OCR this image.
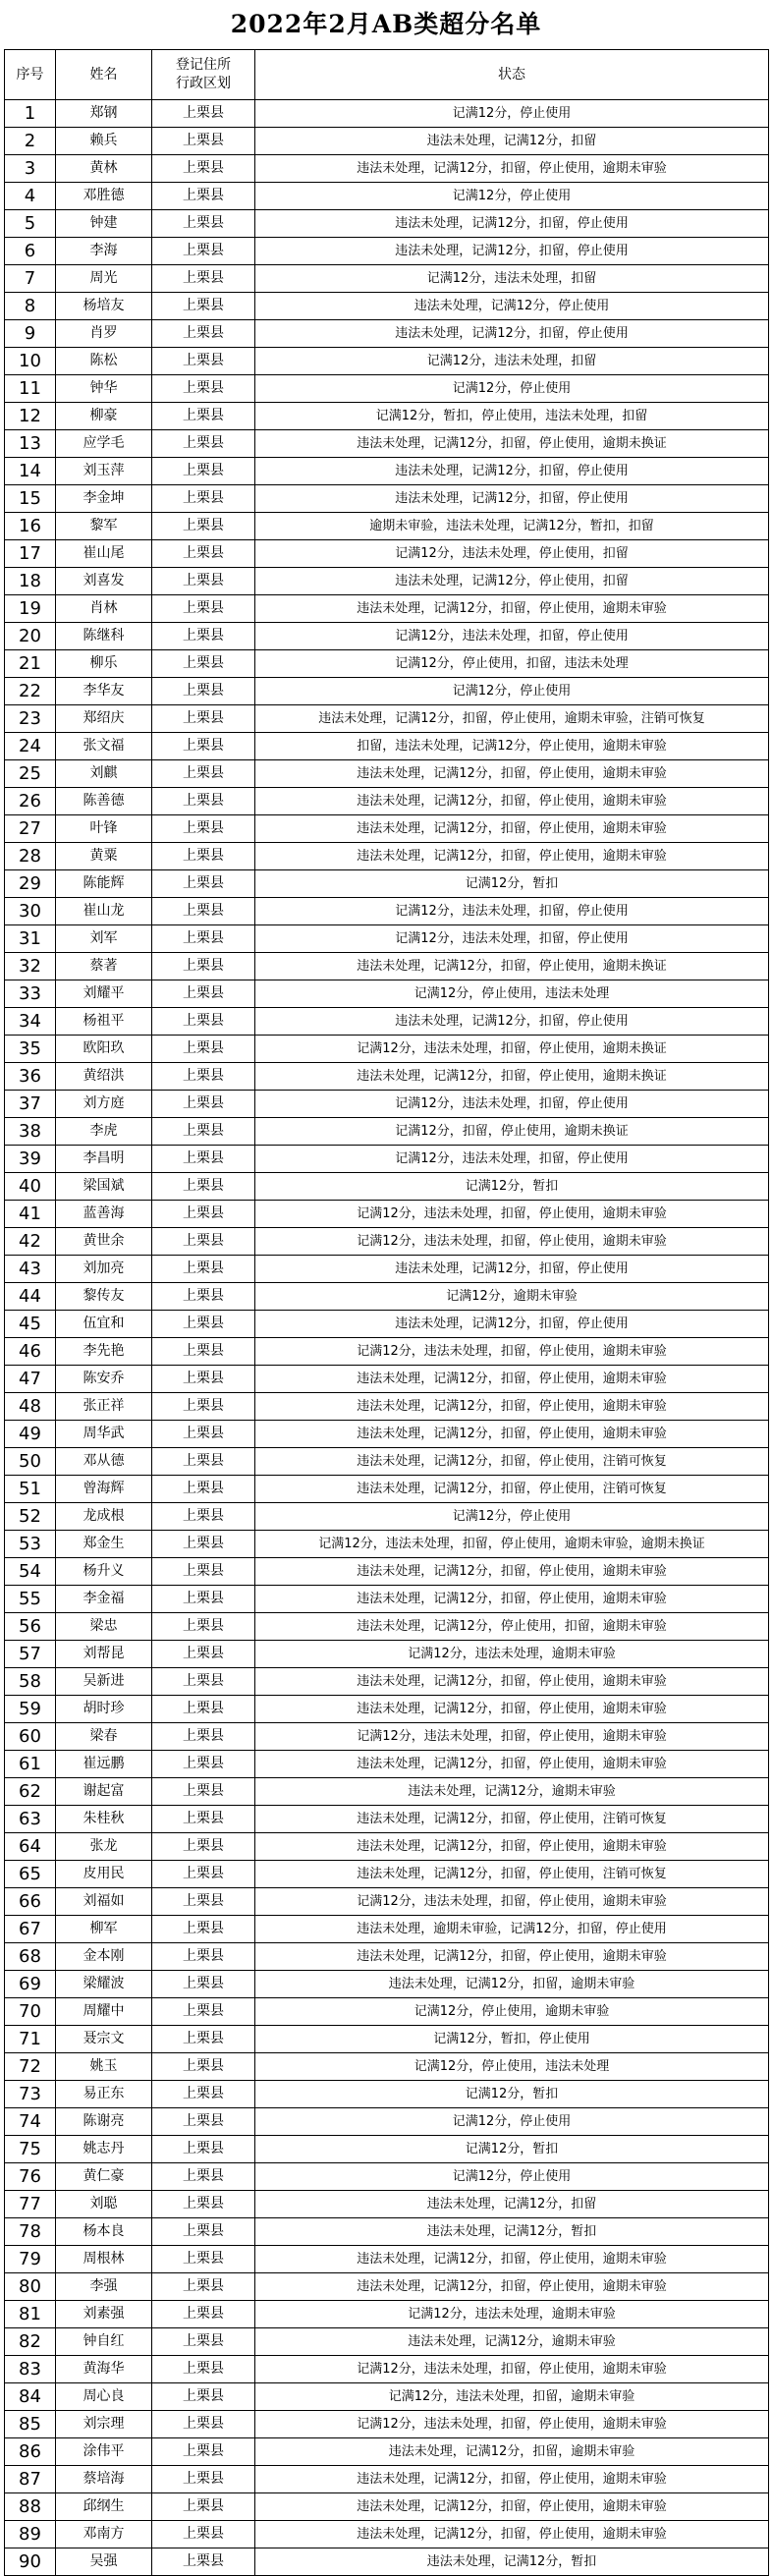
2022年2月AB类超分名单
序号	姓名	登记住所行政区划	状态
1	郑钢	上栗县	记满12分，停止使用
2	赖兵	上栗县	违法未处理，记满12分，扣留
3	黄林	上栗县	违法未处理，记满12分，扣留，停止使用，逾期未审验
4	邓胜德	上栗县	记满12分，停止使用
5	钟建	上栗县	违法未处理，记满12分，扣留，停止使用
6	李海	上栗县	违法未处理，记满12分，扣留，停止使用
7	周光	上栗县	记满12分，违法未处理，扣留
8	杨培友	上栗县	违法未处理，记满12分，停止使用
9	肖罗	上栗县	违法未处理，记满12分，扣留，停止使用
10	陈松	上栗县	记满12分，违法未处理，扣留
11	钟华	上栗县	记满12分，停止使用
12	柳豪	上栗县	记满12分，暂扣，停止使用，违法未处理，扣留
13	应学毛	上栗县	违法未处理，记满12分，扣留，停止使用，逾期未换证
14	刘玉萍	上栗县	违法未处理，记满12分，扣留，停止使用
15	李金坤	上栗县	违法未处理，记满12分，扣留，停止使用
16	黎军	上栗县	逾期未审验，违法未处理，记满12分，暂扣，扣留
17	崔山尾	上栗县	记满12分，违法未处理，停止使用，扣留
18	刘喜发	上栗县	违法未处理，记满12分，停止使用，扣留
19	肖林	上栗县	违法未处理，记满12分，扣留，停止使用，逾期未审验
20	陈继科	上栗县	记满12分，违法未处理，扣留，停止使用
21	柳乐	上栗县	记满12分，停止使用，扣留，违法未处理
22	李华友	上栗县	记满12分，停止使用
23	郑绍庆	上栗县	违法未处理，记满12分，扣留，停止使用，逾期未审验，注销可恢复
24	张文福	上栗县	扣留，违法未处理，记满12分，停止使用，逾期未审验
25	刘麒	上栗县	违法未处理，记满12分，扣留，停止使用，逾期未审验
26	陈善德	上栗县	违法未处理，记满12分，扣留，停止使用，逾期未审验
27	叶锋	上栗县	违法未处理，记满12分，扣留，停止使用，逾期未审验
28	黄粟	上栗县	违法未处理，记满12分，扣留，停止使用，逾期未审验
29	陈能辉	上栗县	记满12分，暂扣
30	崔山龙	上栗县	记满12分，违法未处理，扣留，停止使用
31	刘军	上栗县	记满12分，违法未处理，扣留，停止使用
32	蔡著	上栗县	违法未处理，记满12分，扣留，停止使用，逾期未换证
33	刘耀平	上栗县	记满12分，停止使用，违法未处理
34	杨祖平	上栗县	违法未处理，记满12分，扣留，停止使用
35	欧阳玖	上栗县	记满12分，违法未处理，扣留，停止使用，逾期未换证
36	黄绍洪	上栗县	违法未处理，记满12分，扣留，停止使用，逾期未换证
37	刘方庭	上栗县	记满12分，违法未处理，扣留，停止使用
38	李虎	上栗县	记满12分，扣留，停止使用，逾期未换证
39	李昌明	上栗县	记满12分，违法未处理，扣留，停止使用
40	梁国斌	上栗县	记满12分，暂扣
41	蓝善海	上栗县	记满12分，违法未处理，扣留，停止使用，逾期未审验
42	黄世余	上栗县	记满12分，违法未处理，扣留，停止使用，逾期未审验
43	刘加亮	上栗县	违法未处理，记满12分，扣留，停止使用
44	黎传友	上栗县	记满12分，逾期未审验
45	伍宜和	上栗县	违法未处理，记满12分，扣留，停止使用
46	李先艳	上栗县	记满12分，违法未处理，扣留，停止使用，逾期未审验
47	陈安乔	上栗县	违法未处理，记满12分，扣留，停止使用，逾期未审验
48	张正祥	上栗县	违法未处理，记满12分，扣留，停止使用，逾期未审验
49	周华武	上栗县	违法未处理，记满12分，扣留，停止使用，逾期未审验
50	邓从德	上栗县	违法未处理，记满12分，扣留，停止使用，注销可恢复
51	曾海辉	上栗县	违法未处理，记满12分，扣留，停止使用，注销可恢复
52	龙成根	上栗县	记满12分，停止使用
53	郑金生	上栗县	记满12分，违法未处理，扣留，停止使用，逾期未审验，逾期未换证
54	杨升义	上栗县	违法未处理，记满12分，扣留，停止使用，逾期未审验
55	李金福	上栗县	违法未处理，记满12分，扣留，停止使用，逾期未审验
56	梁忠	上栗县	违法未处理，记满12分，停止使用，扣留，逾期未审验
57	刘帮昆	上栗县	记满12分，违法未处理，逾期未审验
58	吴新进	上栗县	违法未处理，记满12分，扣留，停止使用，逾期未审验
59	胡时珍	上栗县	违法未处理，记满12分，扣留，停止使用，逾期未审验
60	梁春	上栗县	记满12分，违法未处理，扣留，停止使用，逾期未审验
61	崔远鹏	上栗县	违法未处理，记满12分，扣留，停止使用，逾期未审验
62	谢起富	上栗县	违法未处理，记满12分，逾期未审验
63	朱桂秋	上栗县	违法未处理，记满12分，扣留，停止使用，注销可恢复
64	张龙	上栗县	违法未处理，记满12分，扣留，停止使用，逾期未审验
65	皮用民	上栗县	违法未处理，记满12分，扣留，停止使用，注销可恢复
66	刘福如	上栗县	记满12分，违法未处理，扣留，停止使用，逾期未审验
67	柳军	上栗县	违法未处理，逾期未审验，记满12分，扣留，停止使用
68	金本刚	上栗县	违法未处理，记满12分，扣留，停止使用，逾期未审验
69	梁耀波	上栗县	违法未处理，记满12分，扣留，逾期未审验
70	周耀中	上栗县	记满12分，停止使用，逾期未审验
71	聂宗文	上栗县	记满12分，暂扣，停止使用
72	姚玉	上栗县	记满12分，停止使用，违法未处理
73	易正东	上栗县	记满12分，暂扣
74	陈谢亮	上栗县	记满12分，停止使用
75	姚志丹	上栗县	记满12分，暂扣
76	黄仁豪	上栗县	记满12分，停止使用
77	刘聪	上栗县	违法未处理，记满12分，扣留
78	杨本良	上栗县	违法未处理，记满12分，暂扣
79	周根林	上栗县	违法未处理，记满12分，扣留，停止使用，逾期未审验
80	李强	上栗县	违法未处理，记满12分，扣留，停止使用，逾期未审验
81	刘素强	上栗县	记满12分，违法未处理，逾期未审验
82	钟自红	上栗县	违法未处理，记满12分，逾期未审验
83	黄海华	上栗县	记满12分，违法未处理，扣留，停止使用，逾期未审验
84	周心良	上栗县	记满12分，违法未处理，扣留，逾期未审验
85	刘宗理	上栗县	记满12分，违法未处理，扣留，停止使用，逾期未审验
86	涂伟平	上栗县	违法未处理，记满12分，扣留，逾期未审验
87	蔡培海	上栗县	违法未处理，记满12分，扣留，停止使用，逾期未审验
88	邱纲生	上栗县	违法未处理，记满12分，扣留，停止使用，逾期未审验
89	邓南方	上栗县	违法未处理，记满12分，扣留，停止使用，逾期未审验
90	吴强	上栗县	违法未处理，记满12分，暂扣
